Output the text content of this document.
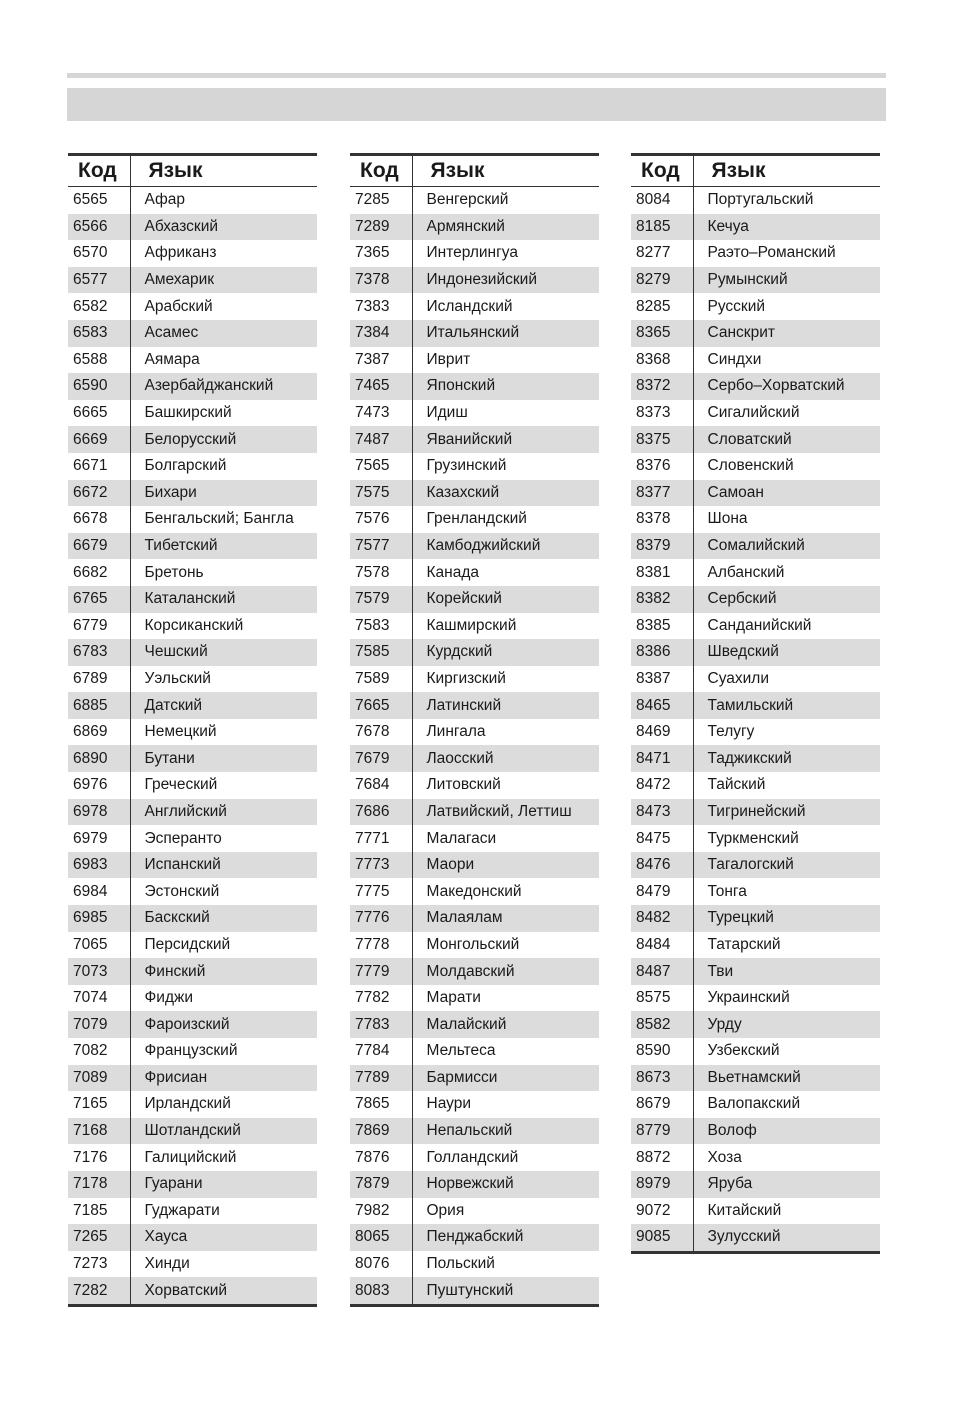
Код	Язык
6565	Афар
6566	Абхазский
6570	Африканз
6577	Амехарик
6582	Арабский
6583	Асамес
6588	Аямара
6590	Азербайджанский
6665	Башкирский
6669	Белорусский
6671	Болгарский
6672	Бихари
6678	Бенгальский; Бангла
6679	Тибетский
6682	Бретонь
6765	Каталанский
6779	Корсиканский
6783	Чешский
6789	Уэльский
6885	Датский
6869	Немецкий
6890	Бутани
6976	Греческий
6978	Английский
6979	Эсперанто
6983	Испанский
6984	Эстонский
6985	Баскский
7065	Персидский
7073	Финский
7074	Фиджи
7079	Фароизский
7082	Французский
7089	Фрисиан
7165	Ирландский
7168	Шотландский
7176	Галицийский
7178	Гуарани
7185	Гуджарати
7265	Хауса
7273	Хинди
7282	Хорватский
Код	Язык
7285	Венгерский
7289	Армянский
7365	Интерлингуа
7378	Индонезийский
7383	Исландский
7384	Итальянский
7387	Иврит
7465	Японский
7473	Идиш
7487	Яванийский
7565	Грузинский
7575	Казахский
7576	Гренландский
7577	Камбоджийский
7578	Канада
7579	Корейский
7583	Кашмирский
7585	Курдский
7589	Киргизский
7665	Латинский
7678	Лингала
7679	Лаосский
7684	Литовский
7686	Латвийский, Леттиш
7771	Малагаси
7773	Маори
7775	Македонский
7776	Малаялам
7778	Монгольский
7779	Молдавский
7782	Марати
7783	Малайский
7784	Мельтеса
7789	Бармисси
7865	Наури
7869	Непальский
7876	Голландский
7879	Норвежский
7982	Ория
8065	Пенджабский
8076	Польский
8083	Пуштунский
Код	Язык
8084	Португальский
8185	Кечуа
8277	Раэто–Романский
8279	Румынский
8285	Русский
8365	Санскрит
8368	Синдхи
8372	Сербо–Хорватский
8373	Сигалийский
8375	Словатский
8376	Словенский
8377	Самоан
8378	Шона
8379	Сомалийский
8381	Албанский
8382	Сербский
8385	Санданийский
8386	Шведский
8387	Суахили
8465	Тамильский
8469	Телугу
8471	Таджикский
8472	Тайский
8473	Тигринейский
8475	Туркменский
8476	Тагалогский
8479	Тонга
8482	Турецкий
8484	Татарский
8487	Тви
8575	Украинский
8582	Урду
8590	Узбекский
8673	Вьетнамский
8679	Валопакский
8779	Волоф
8872	Хоза
8979	Яруба
9072	Китайский
9085	Зулусский
